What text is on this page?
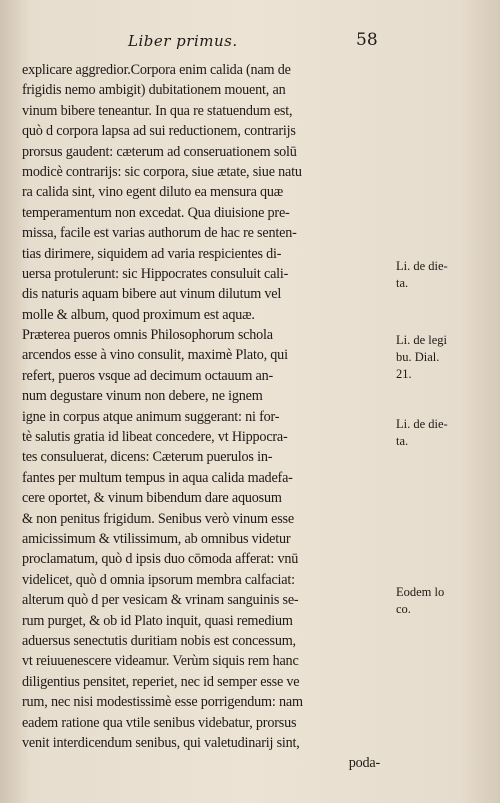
Liber primus.	58
explicare aggredior.Corpora enim calida (nam de
frigidis nemo ambigit) dubitationem mouent, an
vinum bibere teneantur. In qua re statuendum est,
quò d corpora lapsa ad sui reductionem, contrarijs
prorsus gaudent: cæterum ad conseruationem solū
modicè contrarijs: sic corpora, siue ætate, siue natu
ra calida sint, vino egent diluto ea mensura quæ
temperamentum non excedat. Qua diuisione pre-
missa, facile est varias authorum de hac re senten-
tias dirimere, siquidem ad varia respicientes di-
uersa protulerunt: sic Hippocrates consuluit cali-
dis naturis aquam bibere aut vinum dilutum vel
molle & album, quod proximum est aquæ.
Præterea pueros omnis Philosophorum schola
arcendos esse à vino consulit, maximè Plato, qui
refert, pueros vsque ad decimum octauum an-
num degustare vinum non debere, ne ignem
igne in corpus atque animum suggerant: ni for-
tè salutis gratia id libeat concedere, vt Hippocra-
tes consuluerat, dicens: Cæterum puerulos in-
fantes per multum tempus in aqua calida madefa-
cere oportet, & vinum bibendum dare aquosum
& non penitus frigidum. Senibus verò vinum esse
amicissimum & vtilissimum, ab omnibus videtur
proclamatum, quò d ipsis duo cōmoda afferat: vnū
videlicet, quò d omnia ipsorum membra calfaciat:
alterum quò d per vesicam & vrinam sanguinis se-
rum purget, & ob id Plato inquit, quasi remedium
aduersus senectutis duritiam nobis est concessum,
vt reiuuenescere videamur. Verùm siquis rem hanc
diligentius pensitet, reperiet, nec id semper esse ve
rum, nec nisi modestissimè esse porrigendum: nam
eadem ratione qua vtile senibus videbatur, prorsus
venit interdicendum senibus, qui valetudinarij sint,
poda-
Li. de die-
ta.
Li. de legi
bu. Dial.
21.
Li. de die-
ta.
Eodem lo
co.
